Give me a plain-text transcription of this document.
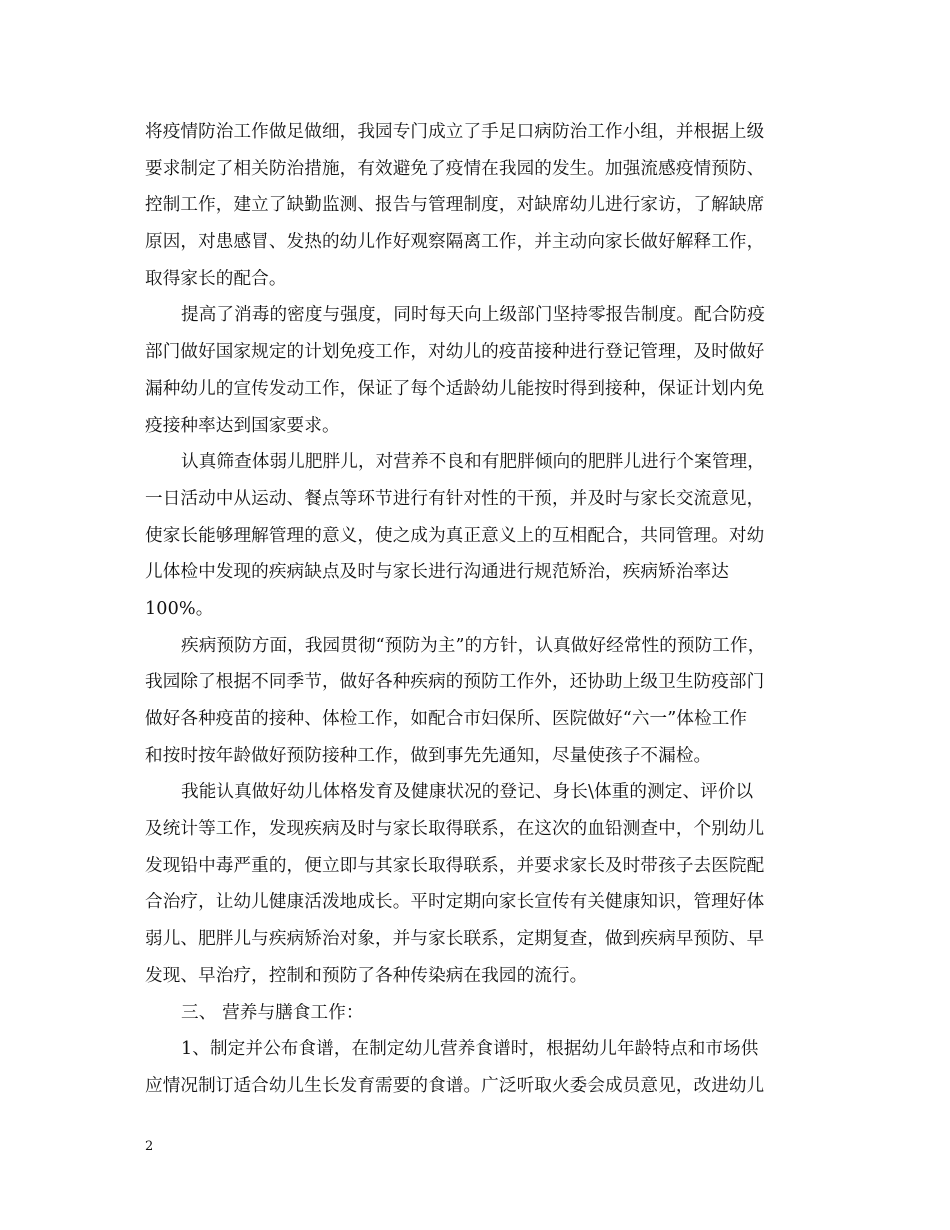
将疫情防治工作做足做细，我园专门成立了手足口病防治工作小组，并根据上级
要求制定了相关防治措施，有效避免了疫情在我园的发生。加强流感疫情预防、
控制工作，建立了缺勤监测、报告与管理制度，对缺席幼儿进行家访，了解缺席
原因，对患感冒、发热的幼儿作好观察隔离工作，并主动向家长做好解释工作，
取得家长的配合。
提高了消毒的密度与强度，同时每天向上级部门坚持零报告制度。配合防疫
部门做好国家规定的计划免疫工作，对幼儿的疫苗接种进行登记管理，及时做好
漏种幼儿的宣传发动工作，保证了每个适龄幼儿能按时得到接种，保证计划内免
疫接种率达到国家要求。
认真筛查体弱儿肥胖儿，对营养不良和有肥胖倾向的肥胖儿进行个案管理，
一日活动中从运动、餐点等环节进行有针对性的干预，并及时与家长交流意见，
使家长能够理解管理的意义，使之成为真正意义上的互相配合，共同管理。对幼
儿体检中发现的疾病缺点及时与家长进行沟通进行规范矫治，疾病矫治率达
100%。
疾病预防方面，我园贯彻“预防为主”的方针，认真做好经常性的预防工作，
我园除了根据不同季节，做好各种疾病的预防工作外，还协助上级卫生防疫部门
做好各种疫苗的接种、体检工作，如配合市妇保所、医院做好“六一”体检工作
和按时按年龄做好预防接种工作，做到事先先通知，尽量使孩子不漏检。
我能认真做好幼儿体格发育及健康状况的登记、身长\体重的测定、评价以
及统计等工作，发现疾病及时与家长取得联系，在这次的血铅测查中，个别幼儿
发现铅中毒严重的，便立即与其家长取得联系，并要求家长及时带孩子去医院配
合治疗，让幼儿健康活泼地成长。平时定期向家长宣传有关健康知识，管理好体
弱儿、肥胖儿与疾病矫治对象，并与家长联系，定期复查，做到疾病早预防、早
发现、早治疗，控制和预防了各种传染病在我园的流行。
三、 营养与膳食工作：
1、制定并公布食谱，在制定幼儿营养食谱时，根据幼儿年龄特点和市场供
应情况制订适合幼儿生长发育需要的食谱。广泛听取火委会成员意见，改进幼儿
2
